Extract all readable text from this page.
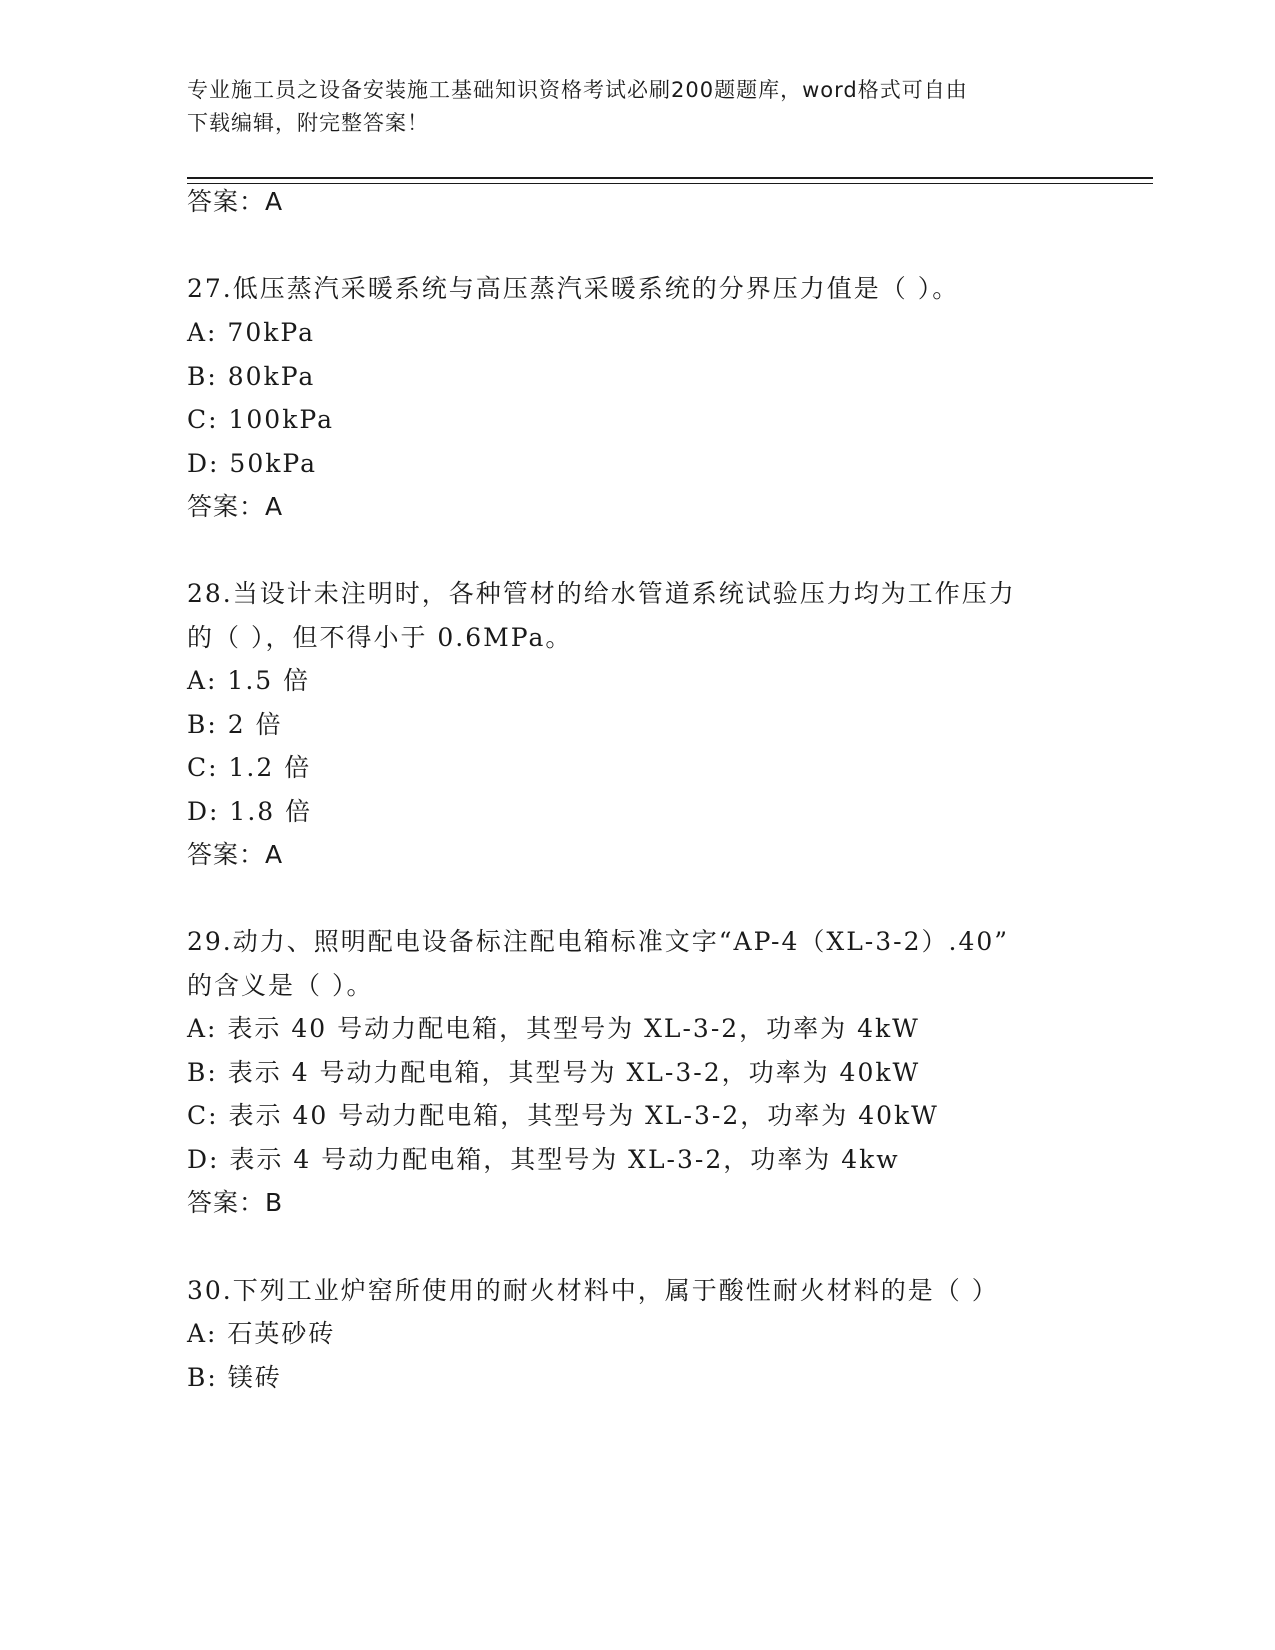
专业施工员之设备安装施工基础知识资格考试必刷200题题库，word格式可自由
下载编辑，附完整答案！
答案：A
27.低压蒸汽采暖系统与高压蒸汽采暖系统的分界压力值是（ ）。
A: 70kPa
B: 80kPa
C: 100kPa
D: 50kPa
答案：A
28.当设计未注明时，各种管材的给水管道系统试验压力均为工作压力
的（ ），但不得小于 0.6MPa。
A: 1.5 倍
B: 2 倍
C: 1.2 倍
D: 1.8 倍
答案：A
29.动力、照明配电设备标注配电箱标准文字“AP-4（XL-3-2）.40”
的含义是（ ）。
A: 表示 40 号动力配电箱，其型号为 XL-3-2，功率为 4kW
B: 表示 4 号动力配电箱，其型号为 XL-3-2，功率为 40kW
C: 表示 40 号动力配电箱，其型号为 XL-3-2，功率为 40kW
D: 表示 4 号动力配电箱，其型号为 XL-3-2，功率为 4kw
答案：B
30.下列工业炉窑所使用的耐火材料中，属于酸性耐火材料的是（ ）
A: 石英砂砖
B: 镁砖
